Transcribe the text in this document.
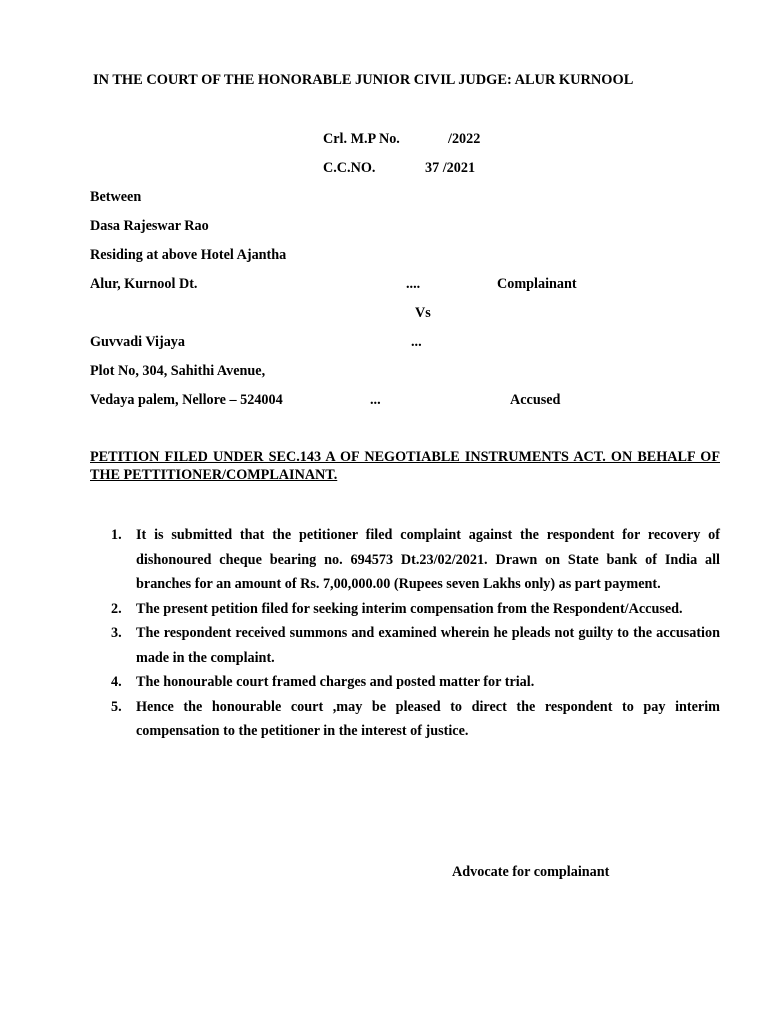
IN THE COURT OF THE HONORABLE JUNIOR CIVIL JUDGE: ALUR KURNOOL
Crl. M.P No.	/2022
C.C.NO.	37 /2021
Between
Dasa Rajeswar Rao
Residing at above Hotel Ajantha
Alur, Kurnool Dt.	....	Complainant
Vs
Guvvadi Vijaya	...
Plot No, 304, Sahithi Avenue,
Vedaya palem, Nellore – 524004	...	Accused
PETITION FILED UNDER SEC.143 A OF NEGOTIABLE INSTRUMENTS ACT. ON BEHALF OF THE PETTITIONER/COMPLAINANT.
1. It is submitted that the petitioner filed complaint against the respondent for recovery of dishonoured cheque bearing no. 694573 Dt.23/02/2021. Drawn on State bank of India all branches for an amount of Rs. 7,00,000.00 (Rupees seven Lakhs only) as part payment.
2. The present petition filed for seeking interim compensation from the Respondent/Accused.
3. The respondent received summons and examined wherein he pleads not guilty to the accusation made in the complaint.
4. The honourable court framed charges and posted matter for trial.
5. Hence the honourable court ,may be pleased to direct the respondent to pay interim compensation to the petitioner in the interest of justice.
Advocate for complainant
